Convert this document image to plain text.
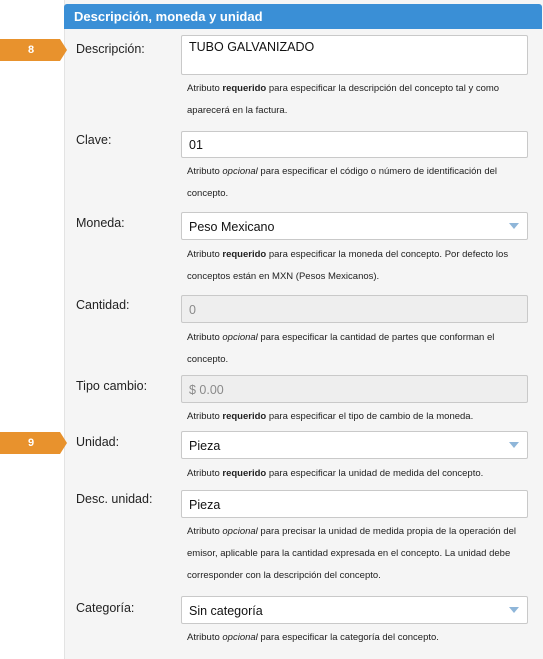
Descripción, moneda y unidad
8
9
Descripción:	TUBO GALVANIZADO
Atributo requerido para especificar la descripción del concepto tal y como aparecerá en la factura.
Clave:	01
Atributo opcional para especificar el código o número de identificación del concepto.
Moneda:	Peso Mexicano
Atributo requerido para especificar la moneda del concepto. Por defecto los conceptos están en MXN (Pesos Mexicanos).
Cantidad:	0
Atributo opcional para especificar la cantidad de partes que conforman el concepto.
Tipo cambio:	$ 0.00
Atributo requerido para especificar el tipo de cambio de la moneda.
Unidad:	Pieza
Atributo requerido para especificar la unidad de medida del concepto.
Desc. unidad:	Pieza
Atributo opcional para precisar la unidad de medida propia de la operación del emisor, aplicable para la cantidad expresada en el concepto. La unidad debe corresponder con la descripción del concepto.
Categoría:	Sin categoría
Atributo opcional para especificar la categoría del concepto.
